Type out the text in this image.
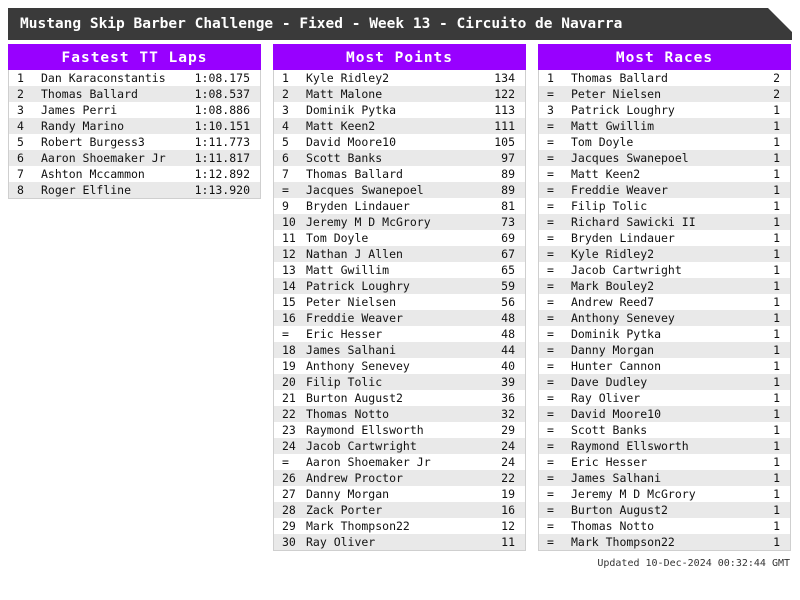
Mustang Skip Barber Challenge - Fixed - Week 13 - Circuito de Navarra
Fastest TT Laps
1	Dan Karaconstantis	1:08.175
2	Thomas Ballard	1:08.537
3	James Perri	1:08.886
4	Randy Marino	1:10.151
5	Robert Burgess3	1:11.773
6	Aaron Shoemaker Jr	1:11.817
7	Ashton Mccammon	1:12.892
8	Roger Elfline	1:13.920
Most Points
1	Kyle Ridley2	134
2	Matt Malone	122
3	Dominik Pytka	113
4	Matt Keen2	111
5	David Moore10	105
6	Scott Banks	97
7	Thomas Ballard	89
=	Jacques Swanepoel	89
9	Bryden Lindauer	81
10 Jeremy M D McGrory	73
11 Tom Doyle	69
12 Nathan J Allen	67
13 Matt Gwillim	65
14 Patrick Loughry	59
15 Peter Nielsen	56
16 Freddie Weaver	48
=	Eric Hesser	48
18 James Salhani	44
19 Anthony Senevey	40
20 Filip Tolic	39
21 Burton August2	36
22 Thomas Notto	32
23 Raymond Ellsworth	29
24 Jacob Cartwright	24
=	Aaron Shoemaker Jr	24
26 Andrew Proctor	22
27 Danny Morgan	19
28 Zack Porter	16
29 Mark Thompson22	12
30 Ray Oliver	11
Most Races
1	Thomas Ballard	2
=	Peter Nielsen	2
3	Patrick Loughry	1
=	Matt Gwillim	1
=	Tom Doyle	1
=	Jacques Swanepoel	1
=	Matt Keen2	1
=	Freddie Weaver	1
=	Filip Tolic	1
=	Richard Sawicki II	1
=	Bryden Lindauer	1
=	Kyle Ridley2	1
=	Jacob Cartwright	1
=	Mark Bouley2	1
=	Andrew Reed7	1
=	Anthony Senevey	1
=	Dominik Pytka	1
=	Danny Morgan	1
=	Hunter Cannon	1
=	Dave Dudley	1
=	Ray Oliver	1
=	David Moore10	1
=	Scott Banks	1
=	Raymond Ellsworth	1
=	Eric Hesser	1
=	James Salhani	1
=	Jeremy M D McGrory	1
=	Burton August2	1
=	Thomas Notto	1
=	Mark Thompson22	1
Updated 10-Dec-2024 00:32:44 GMT
